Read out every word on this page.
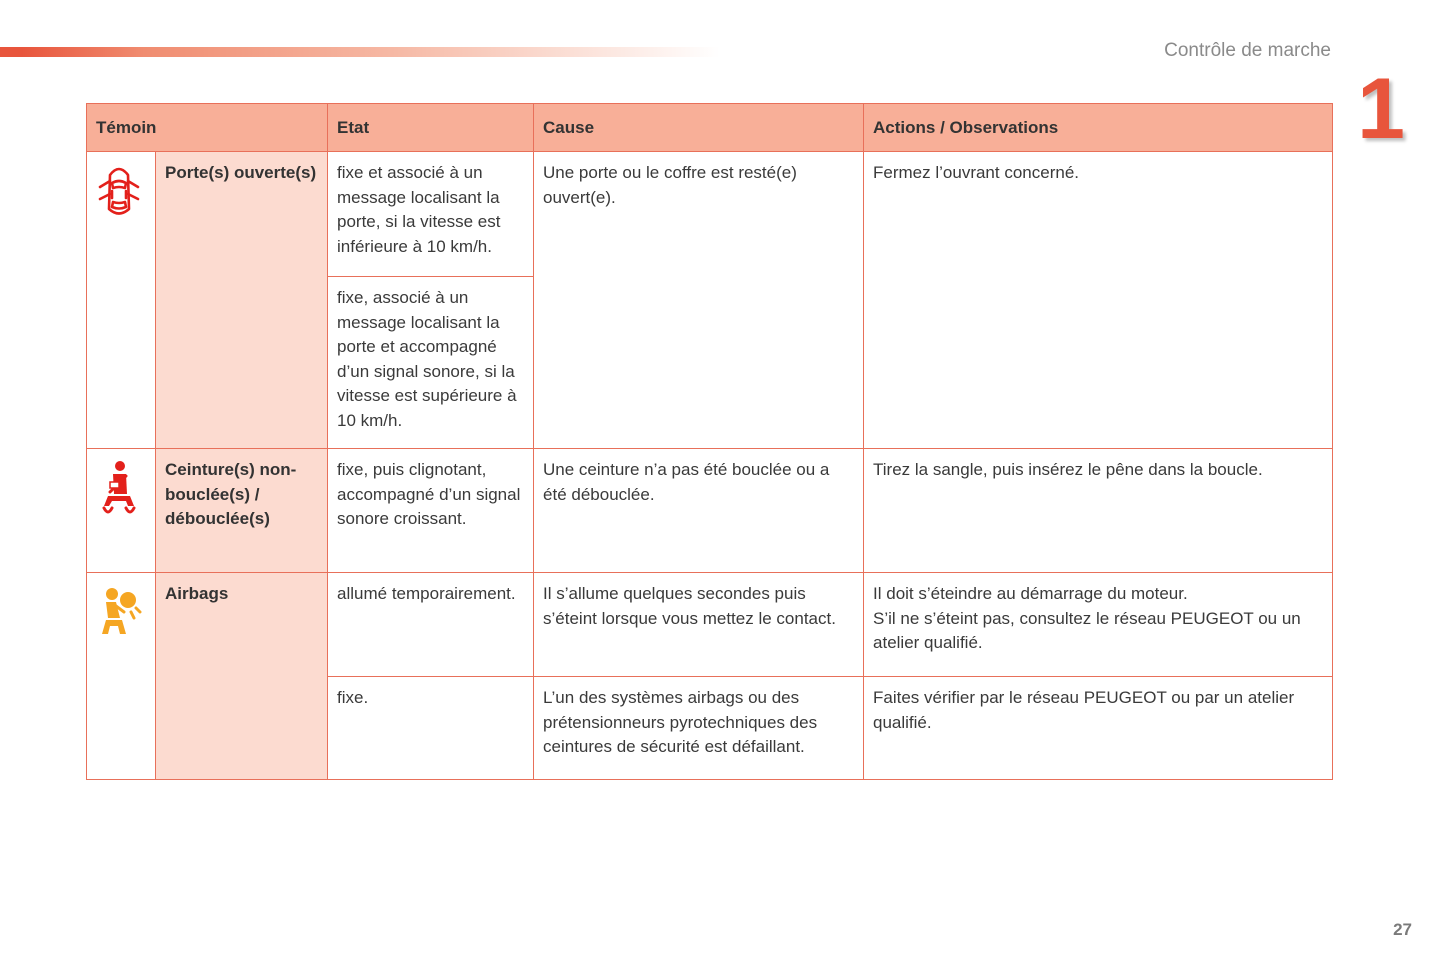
Contrôle de marche
1
Témoin		Etat	Cause	Actions / Observations
	Porte(s) ouverte(s)	fixe et associé à un message localisant la porte, si la vitesse est inférieure à 10 km/h.	Une porte ou le coffre est resté(e) ouvert(e).	Fermez l’ouvrant concerné.
		fixe, associé à un message localisant la porte et accompagné d’un signal sonore, si la vitesse est supérieure à 10 km/h.		
	Ceinture(s) non-bouclée(s) / débouclée(s)	fixe, puis clignotant, accompagné d’un signal sonore croissant.	Une ceinture n’a pas été bouclée ou a été débouclée.	Tirez la sangle, puis insérez le pêne dans la boucle.
	Airbags	allumé temporairement.	Il s’allume quelques secondes puis s’éteint lorsque vous mettez le contact.	Il doit s’éteindre au démarrage du moteur.
S’il ne s’éteint pas, consultez le réseau PEUGEOT ou un atelier qualifié.

		fixe.	L’un des systèmes airbags ou des prétensionneurs pyrotechniques des ceintures de sécurité est défaillant.	Faites vérifier par le réseau PEUGEOT ou par un atelier qualifié.
27
